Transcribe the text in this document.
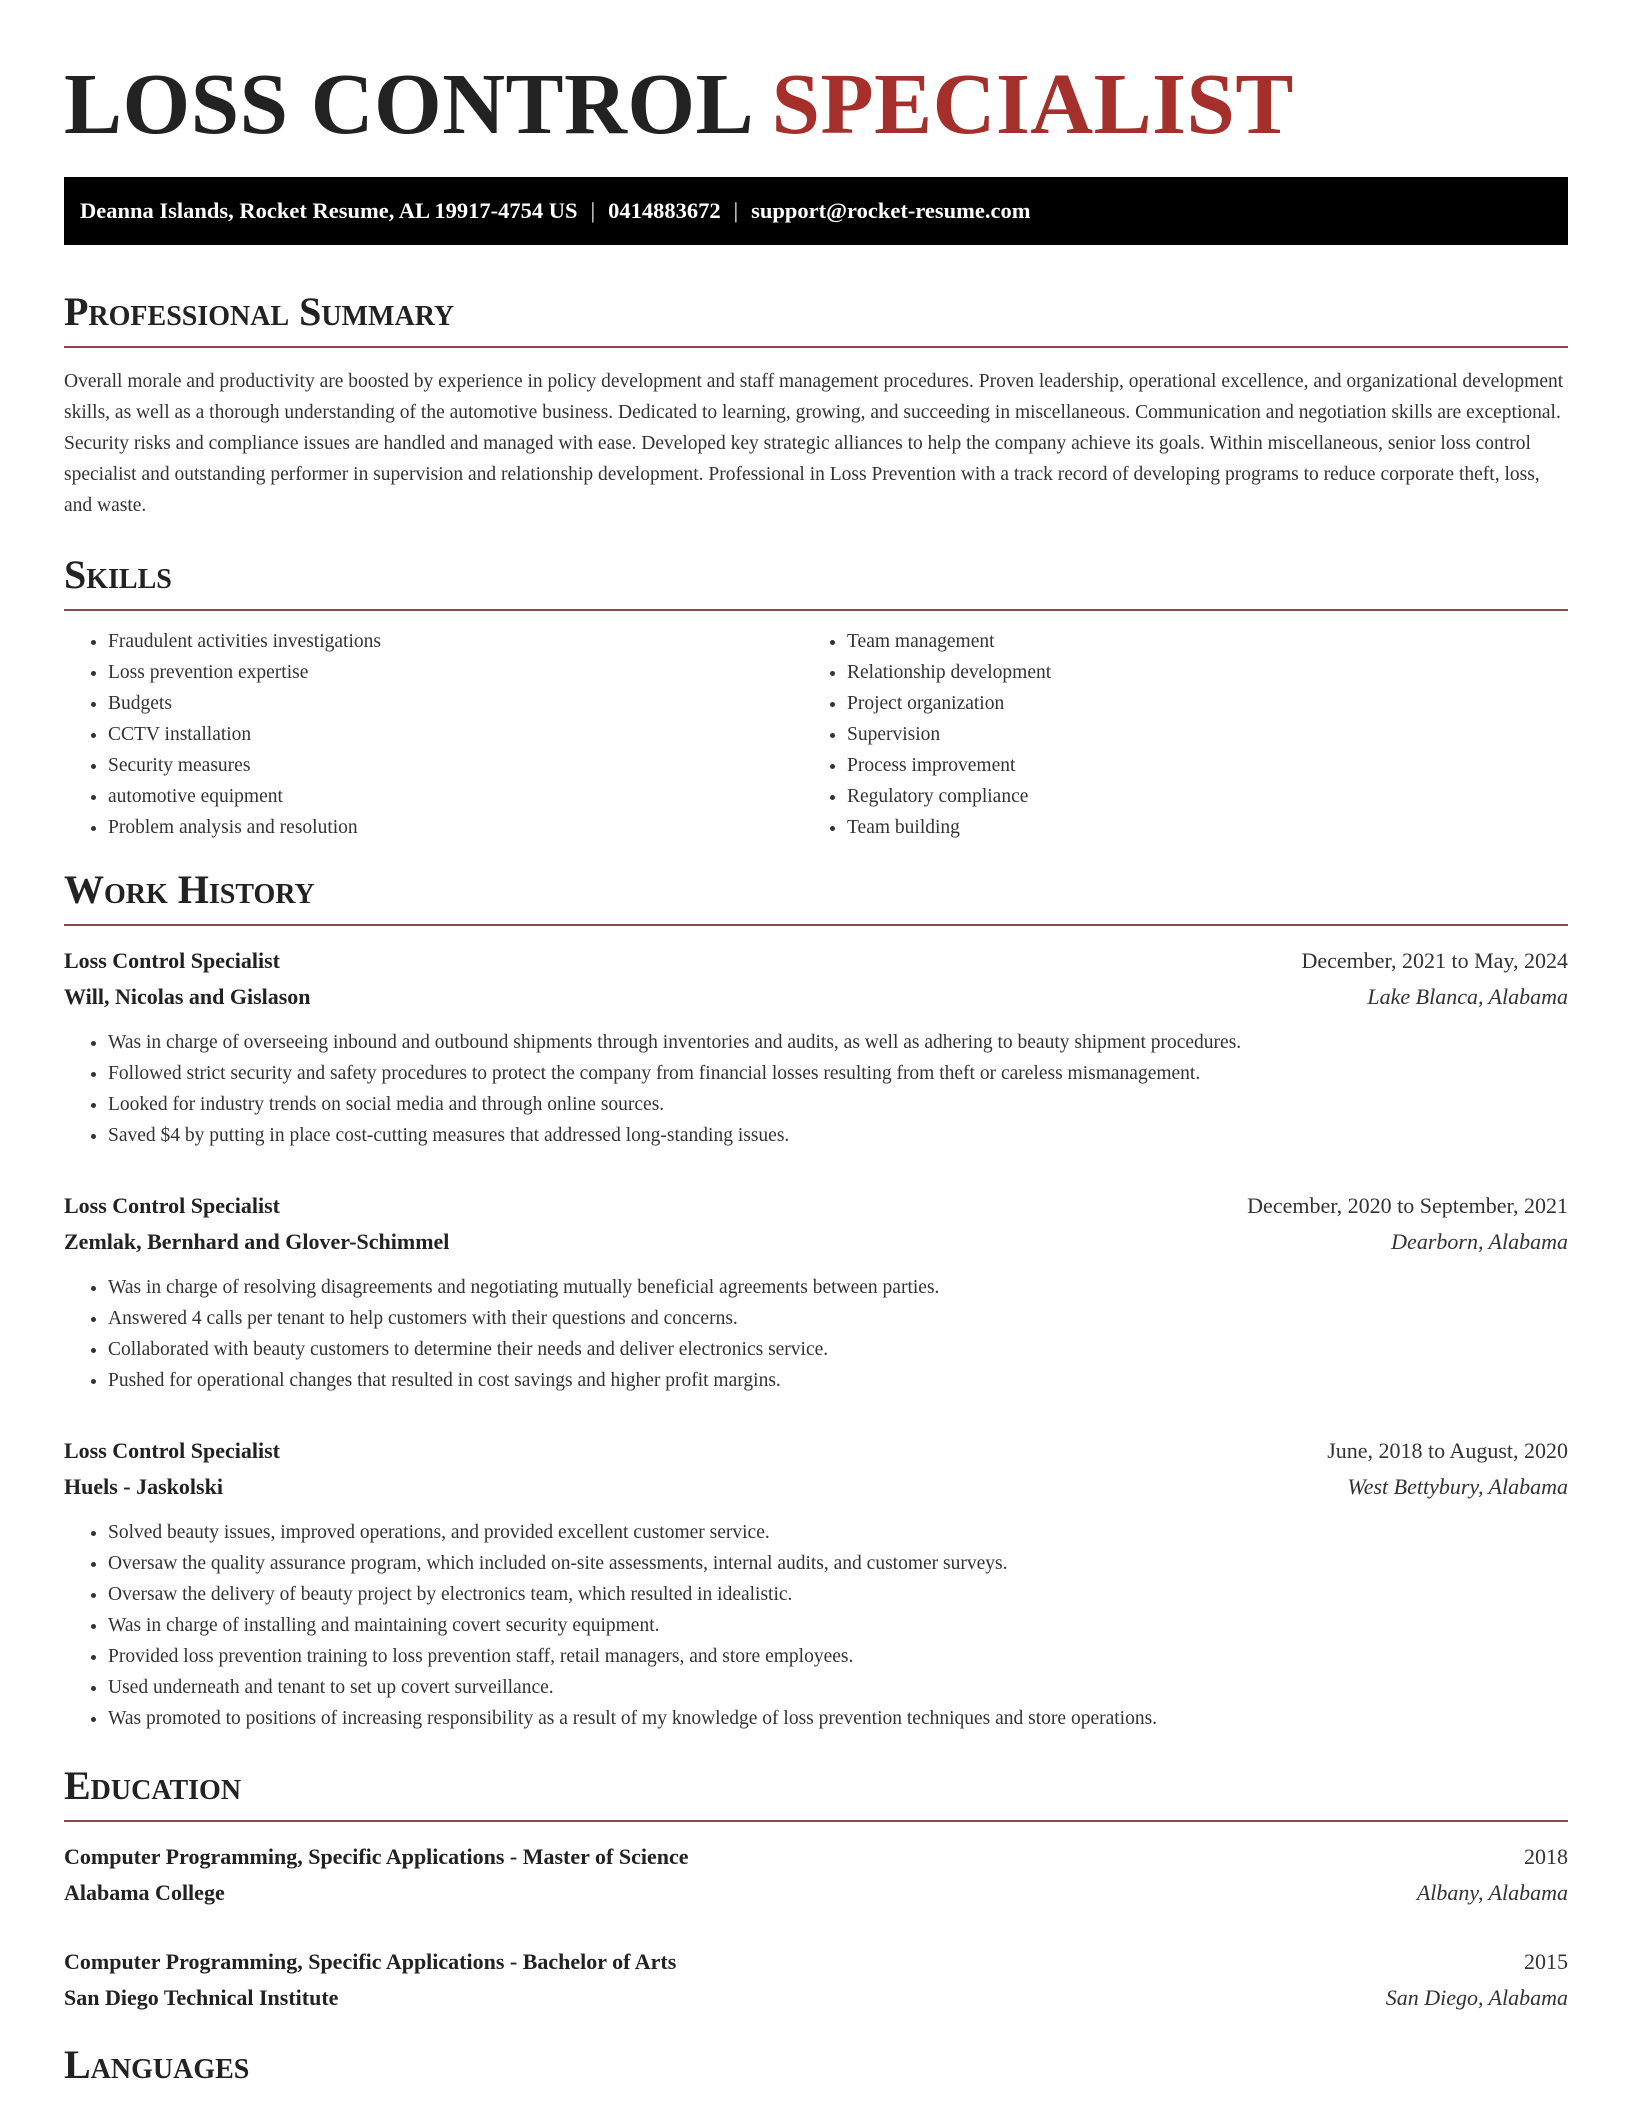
LOSS CONTROL SPECIALIST
Deanna Islands, Rocket Resume, AL 19917-4754 US | 0414883672 | support@rocket-resume.com
Professional Summary

Overall morale and productivity are boosted by experience in policy development and staff management procedures. Proven leadership, operational excellence, and organizational development skills, as well as a thorough understanding of the automotive business. Dedicated to learning, growing, and succeeding in miscellaneous. Communication and negotiation skills are exceptional. Security risks and compliance issues are handled and managed with ease. Developed key strategic alliances to help the company achieve its goals. Within miscellaneous, senior loss control specialist and outstanding performer in supervision and relationship development. Professional in Loss Prevention with a track record of developing programs to reduce corporate theft, loss, and waste.

Skills
• Fraudulent activities investigations
• Loss prevention expertise
• Budgets
• CCTV installation
• Security measures
• automotive equipment
• Problem analysis and resolution
• Team management
• Relationship development
• Project organization
• Supervision
• Process improvement
• Regulatory compliance
• Team building
Work History
Loss Control Specialist	December, 2021 to May, 2024
Will, Nicolas and Gislason	Lake Blanca, Alabama
• Was in charge of overseeing inbound and outbound shipments through inventories and audits, as well as adhering to beauty shipment procedures.
• Followed strict security and safety procedures to protect the company from financial losses resulting from theft or careless mismanagement.
• Looked for industry trends on social media and through online sources.
• Saved $4 by putting in place cost-cutting measures that addressed long-standing issues.
Loss Control Specialist	December, 2020 to September, 2021
Zemlak, Bernhard and Glover-Schimmel	Dearborn, Alabama
• Was in charge of resolving disagreements and negotiating mutually beneficial agreements between parties.
• Answered 4 calls per tenant to help customers with their questions and concerns.
• Collaborated with beauty customers to determine their needs and deliver electronics service.
• Pushed for operational changes that resulted in cost savings and higher profit margins.
Loss Control Specialist	June, 2018 to August, 2020
Huels - Jaskolski	West Bettybury, Alabama
• Solved beauty issues, improved operations, and provided excellent customer service.
• Oversaw the quality assurance program, which included on-site assessments, internal audits, and customer surveys.
• Oversaw the delivery of beauty project by electronics team, which resulted in idealistic.
• Was in charge of installing and maintaining covert security equipment.
• Provided loss prevention training to loss prevention staff, retail managers, and store employees.
• Used underneath and tenant to set up covert surveillance.
• Was promoted to positions of increasing responsibility as a result of my knowledge of loss prevention techniques and store operations.
Education
Computer Programming, Specific Applications - Master of Science	2018
Alabama College	Albany, Alabama
Computer Programming, Specific Applications - Bachelor of Arts	2015
San Diego Technical Institute	San Diego, Alabama
Languages
